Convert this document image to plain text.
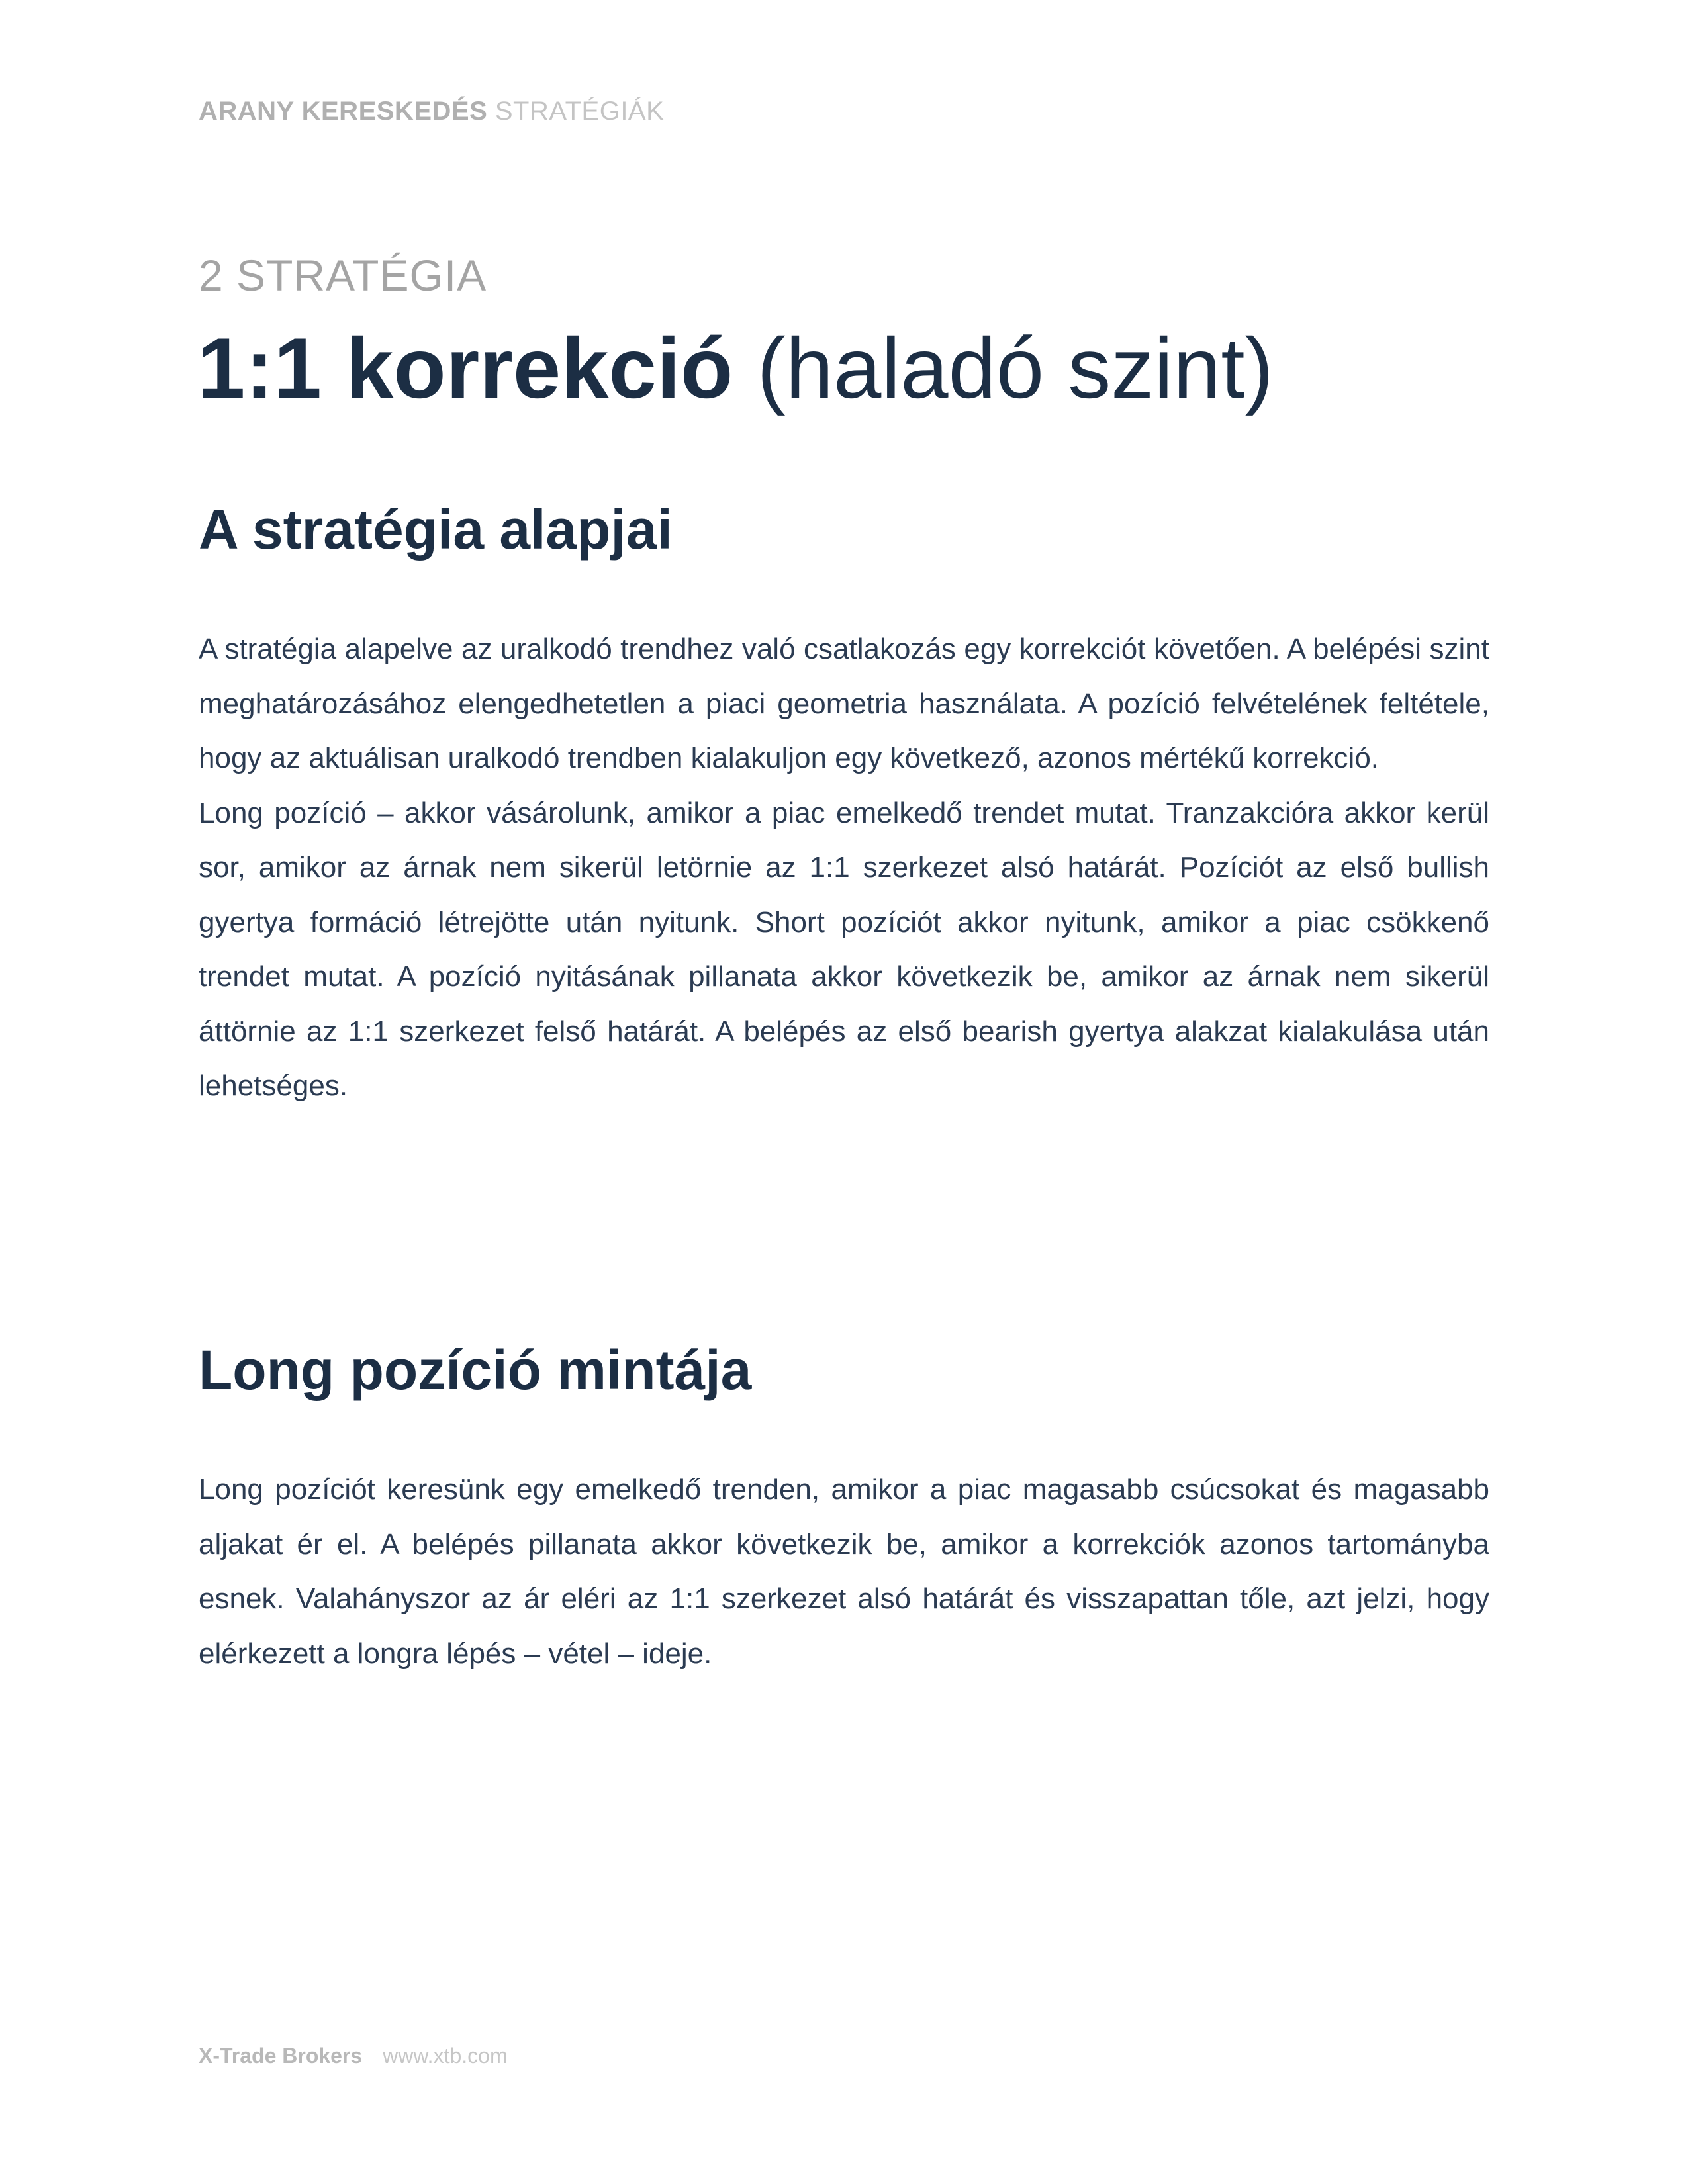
ARANY KERESKEDÉS STRATÉGIÁK
2 STRATÉGIA
1:1 korrekció (haladó szint)
A stratégia alapjai

A stratégia alapelve az uralkodó trendhez való csatlakozás egy korrekciót követően. A belépési szint meghatározásához elengedhetetlen a piaci geometria használata. A pozíció felvételének feltétele, hogy az aktuálisan uralkodó trendben kialakuljon egy következő, azonos mértékű korrekció.

Long pozíció – akkor vásárolunk, amikor a piac emelkedő trendet mutat. Tranzakcióra akkor kerül sor, amikor az árnak nem sikerül letörnie az 1:1 szerkezet alsó határát. Pozíciót az első bullish gyertya formáció létrejötte után nyitunk. Short pozíciót akkor nyitunk, amikor a piac csökkenő trendet mutat. A pozíció nyitásának pillanata akkor következik be, amikor az árnak nem sikerül áttörnie az 1:1 szerkezet felső határát. A belépés az első bearish gyertya alakzat kialakulása után lehetséges.

Long pozíció mintája

Long pozíciót keresünk egy emelkedő trenden, amikor a piac magasabb csúcsokat és magasabb aljakat ér el. A belépés pillanata akkor következik be, amikor a korrekciók azonos tartományba esnek. Valahányszor az ár eléri az 1:1 szerkezet alsó határát és visszapattan tőle, azt jelzi, hogy elérkezett a longra lépés – vétel – ideje.

X-Trade Brokers www.xtb.com
